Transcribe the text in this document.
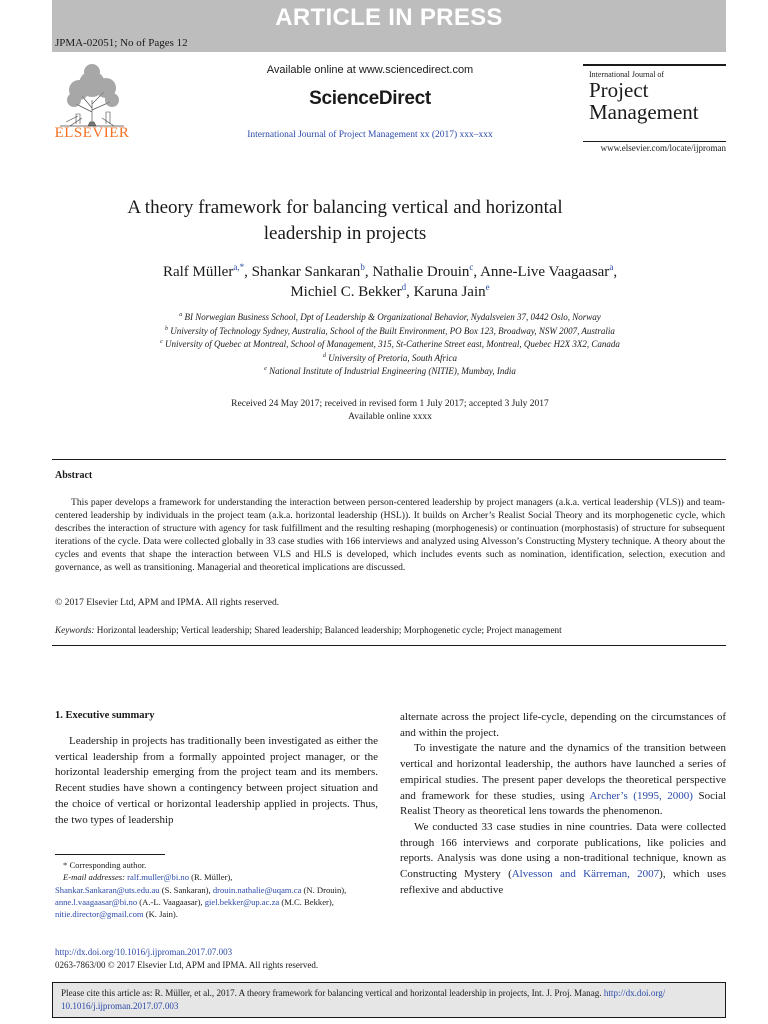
ARTICLE IN PRESS
JPMA-02051; No of Pages 12
ELSEVIER
Available online at www.sciencedirect.com
ScienceDirect
International Journal of Project Management xx (2017) xxx–xxx
International Journal of
Project
Management
www.elsevier.com/locate/ijproman
A theory framework for balancing vertical and horizontal
leadership in projects
Ralf Müller$^{a,*}$, Shankar Sankaran$^b$, Nathalie Drouin$^c$, Anne-Live Vaagaasar$^a$,
Michiel C. Bekker$^d$, Karuna Jain$^e$
$^a$ BI Norwegian Business School, Dpt of Leadership & Organizational Behavior, Nydalsveien 37, 0442 Oslo, Norway
$^b$ University of Technology Sydney, Australia, School of the Built Environment, PO Box 123, Broadway, NSW 2007, Australia
$^c$ University of Quebec at Montreal, School of Management, 315, St-Catherine Street east, Montreal, Quebec H2X 3X2, Canada
$^d$ University of Pretoria, South Africa
$^e$ National Institute of Industrial Engineering (NITIE), Mumbay, India
Received 24 May 2017; received in revised form 1 July 2017; accepted 3 July 2017
Available online xxxx
Abstract

This paper develops a framework for understanding the interaction between person-centered leadership by project managers (a.k.a. vertical leadership (VLS)) and team-centered leadership by individuals in the project team (a.k.a. horizontal leadership (HSL)). It builds on Archer’s Realist Social Theory and its morphogenetic cycle, which describes the interaction of structure with agency for task fulfillment and the resulting reshaping (morphogenesis) or continuation (morphostasis) of structure for subsequent iterations of the cycle. Data were collected globally in 33 case studies with 166 interviews and analyzed using Alvesson’s Constructing Mystery technique. A theory about the cycles and events that shape the interaction between VLS and HLS is developed, which includes events such as nomination, identification, selection, execution and governance, as well as transitioning. Managerial and theoretical implications are discussed.

© 2017 Elsevier Ltd, APM and IPMA. All rights reserved.
Keywords: Horizontal leadership; Vertical leadership; Shared leadership; Balanced leadership; Morphogenetic cycle; Project management
1. Executive summary

Leadership in projects has traditionally been investigated as either the vertical leadership from a formally appointed project manager, or the horizontal leadership emerging from the project team and its members. Recent studies have shown a contingency between project situation and the choice of vertical or horizontal leadership applied in projects. Thus, the two types of leadership

alternate across the project life-cycle, depending on the circumstances of and within the project.

To investigate the nature and the dynamics of the transition between vertical and horizontal leadership, the authors have launched a series of empirical studies. The present paper develops the theoretical perspective and framework for these studies, using Archer’s (1995, 2000) Social Realist Theory as theoretical lens towards the phenomenon.

We conducted 33 case studies in nine countries. Data were collected through 166 interviews and corporate publications, like policies and reports. Analysis was done using a non-traditional technique, known as Constructing Mystery (Alvesson and Kärreman, 2007), which uses reflexive and abductive

* Corresponding author.
E-mail addresses: ralf.muller@bi.no (R. Müller),
Shankar.Sankaran@uts.edu.au (S. Sankaran), drouin.nathalie@uqam.ca (N. Drouin),
anne.l.vaagaasar@bi.no (A.-L. Vaagaasar), giel.bekker@up.ac.za (M.C. Bekker),
nitie.director@gmail.com (K. Jain).
http://dx.doi.org/10.1016/j.ijproman.2017.07.003
0263-7863/00 © 2017 Elsevier Ltd, APM and IPMA. All rights reserved.
Please cite this article as: R. Müller, et al., 2017. A theory framework for balancing vertical and horizontal leadership in projects, Int. J. Proj. Manag. http://dx.doi.org/
10.1016/j.ijproman.2017.07.003
